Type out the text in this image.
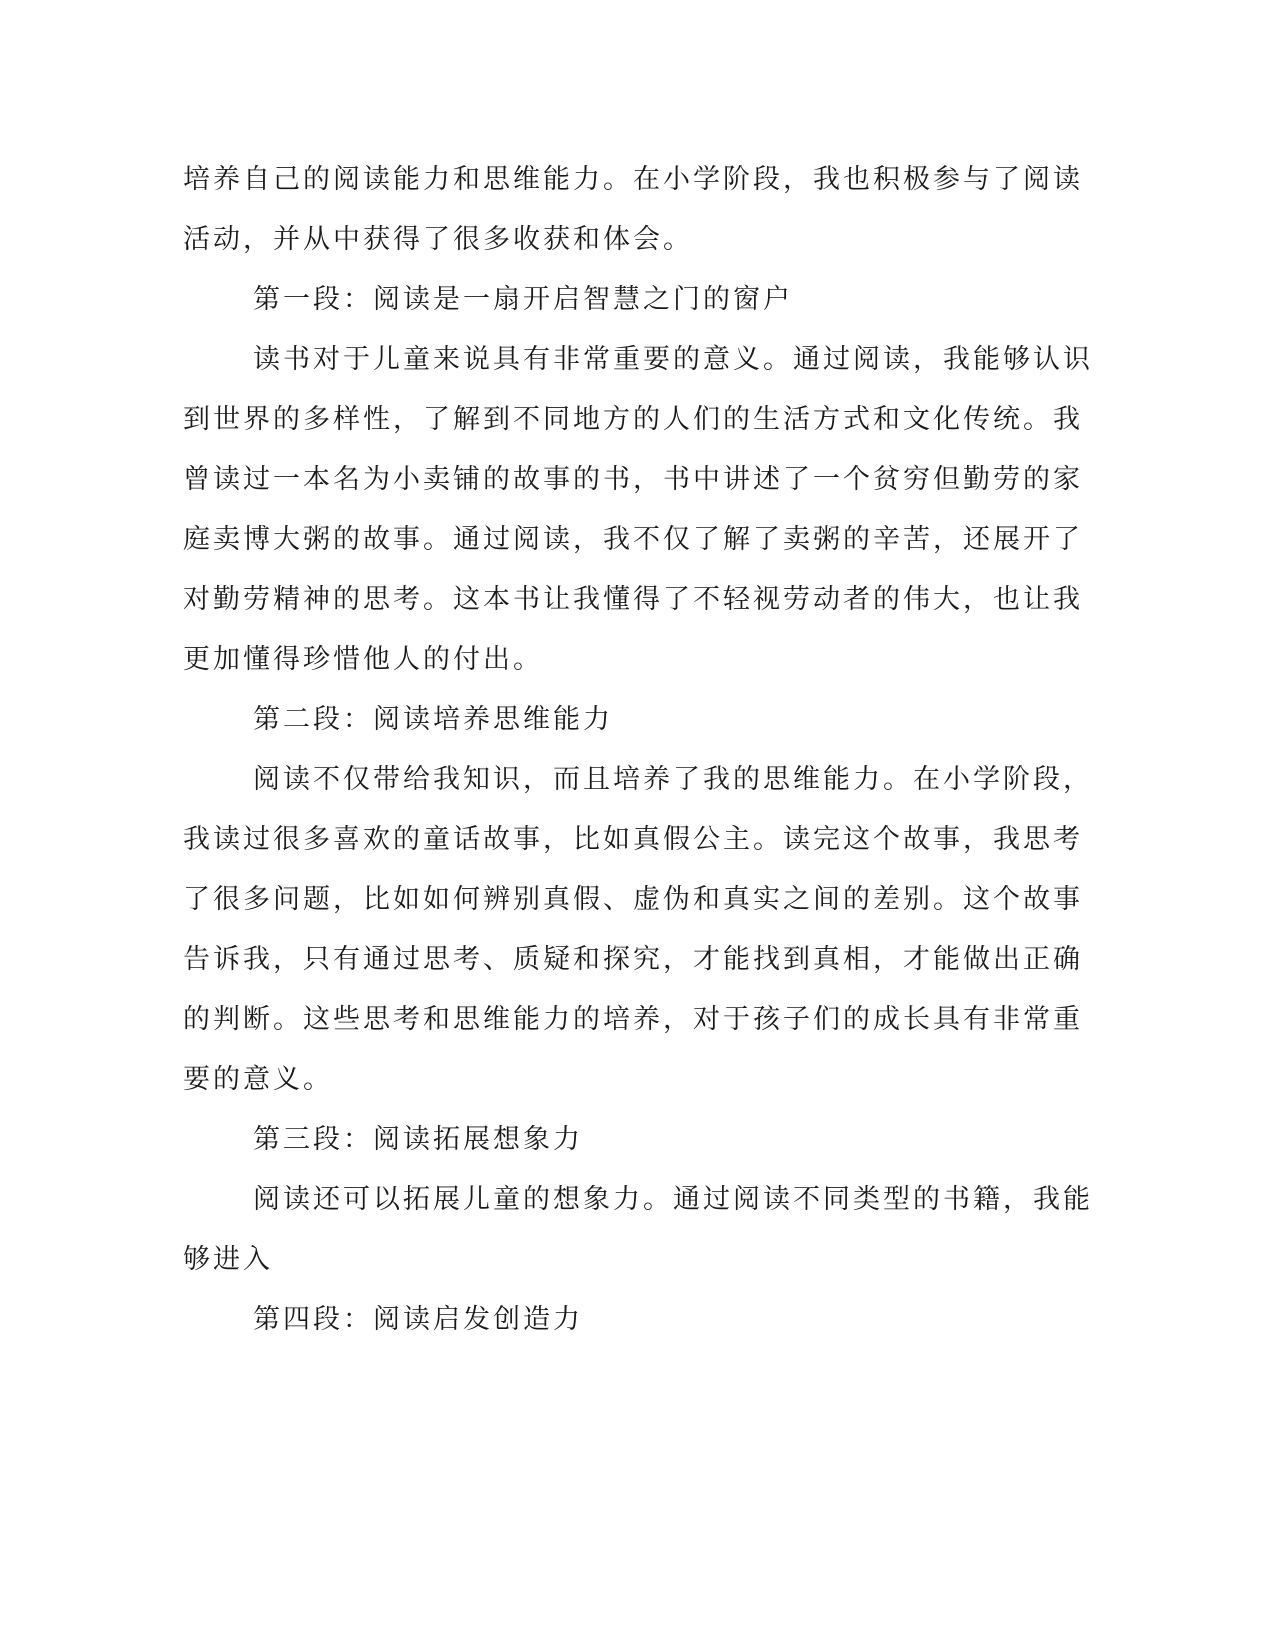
培养自己的阅读能力和思维能力。在小学阶段，我也积极参与了阅读
活动，并从中获得了很多收获和体会。
第一段：阅读是一扇开启智慧之门的窗户
读书对于儿童来说具有非常重要的意义。通过阅读，我能够认识
到世界的多样性，了解到不同地方的人们的生活方式和文化传统。我
曾读过一本名为小卖铺的故事的书，书中讲述了一个贫穷但勤劳的家
庭卖博大粥的故事。通过阅读，我不仅了解了卖粥的辛苦，还展开了
对勤劳精神的思考。这本书让我懂得了不轻视劳动者的伟大，也让我
更加懂得珍惜他人的付出。
第二段：阅读培养思维能力
阅读不仅带给我知识，而且培养了我的思维能力。在小学阶段，
我读过很多喜欢的童话故事，比如真假公主。读完这个故事，我思考
了很多问题，比如如何辨别真假、虚伪和真实之间的差别。这个故事
告诉我，只有通过思考、质疑和探究，才能找到真相，才能做出正确
的判断。这些思考和思维能力的培养，对于孩子们的成长具有非常重
要的意义。
第三段：阅读拓展想象力
阅读还可以拓展儿童的想象力。通过阅读不同类型的书籍，我能
够进入
第四段：阅读启发创造力
